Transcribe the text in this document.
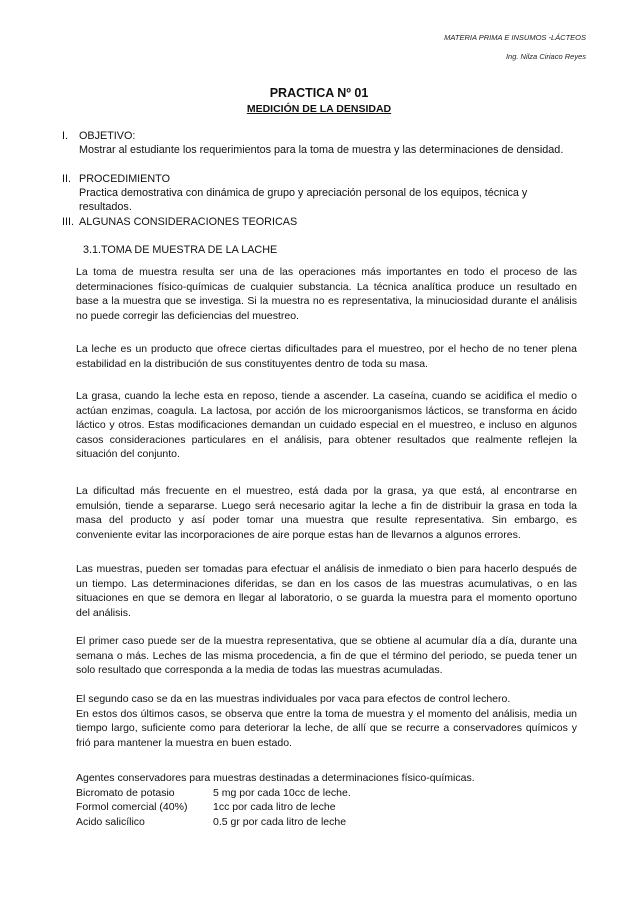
MATERIA PRIMA E INSUMOS -LÁCTEOS
Ing. Nilza Ciriaco Reyes
PRACTICA Nº 01
MEDICIÓN DE LA DENSIDAD
I. OBJETIVO:
Mostrar al estudiante los requerimientos para la toma de muestra y las determinaciones de densidad.
II. PROCEDIMIENTO
Practica demostrativa con dinámica de grupo y apreciación personal de los equipos, técnica y resultados.
III. ALGUNAS CONSIDERACIONES TEORICAS
3.1.TOMA DE MUESTRA DE LA LACHE
La toma de muestra resulta ser una de las operaciones más importantes en todo el proceso de las
determinaciones físico-químicas de cualquier substancia. La técnica analítica produce un resultado en
base a la muestra que se investiga. Si la muestra no es representativa, la minuciosidad durante el análisis
no puede corregir las deficiencias del muestreo.
La leche es un producto que ofrece ciertas dificultades para el muestreo, por el hecho de no tener plena
estabilidad en la distribución de sus constituyentes dentro de toda su masa.
La grasa, cuando la leche esta en reposo, tiende a ascender. La caseína, cuando se acidifica el medio o
actúan enzimas, coagula. La lactosa, por acción de los microorganismos lácticos, se transforma en ácido
láctico y otros. Estas modificaciones demandan un cuidado especial en el muestreo, e incluso en algunos
casos consideraciones particulares en el análisis, para obtener resultados que realmente reflejen la
situación del conjunto.
La dificultad más frecuente en el muestreo, está dada por la grasa, ya que está, al encontrarse en
emulsión, tiende a separarse. Luego será necesario agitar la leche a fin de distribuir la grasa en toda la
masa del producto y así poder tomar una muestra que resulte representativa. Sin embargo, es
conveniente evitar las incorporaciones de aire porque estas han de llevarnos a algunos errores.
Las muestras, pueden ser tomadas para efectuar el análisis de inmediato o bien para hacerlo después de
un tiempo. Las determinaciones diferidas, se dan en los casos de las muestras acumulativas, o en las
situaciones en que se demora en llegar al laboratorio, o se guarda la muestra para el momento oportuno
del análisis.
El primer caso puede ser de la muestra representativa, que se obtiene al acumular día a día, durante una
semana o más. Leches de las misma procedencia, a fin de que el término del periodo, se pueda tener un
solo resultado que corresponda a la media de todas las muestras acumuladas.
El segundo caso se da en las muestras individuales por vaca para efectos de control lechero.
En estos dos últimos casos, se observa que entre la toma de muestra y el momento del análisis, media un
tiempo largo, suficiente como para deteriorar la leche, de allí que se recurre a conservadores químicos y
frió para mantener la muestra en buen estado.
Agentes conservadores para muestras destinadas a determinaciones físico-químicas.
Bicromato de potasio	5 mg por cada 10cc de leche.
Formol comercial (40%)	1cc por cada litro de leche
Acido salicílico	0.5 gr por cada litro de leche
